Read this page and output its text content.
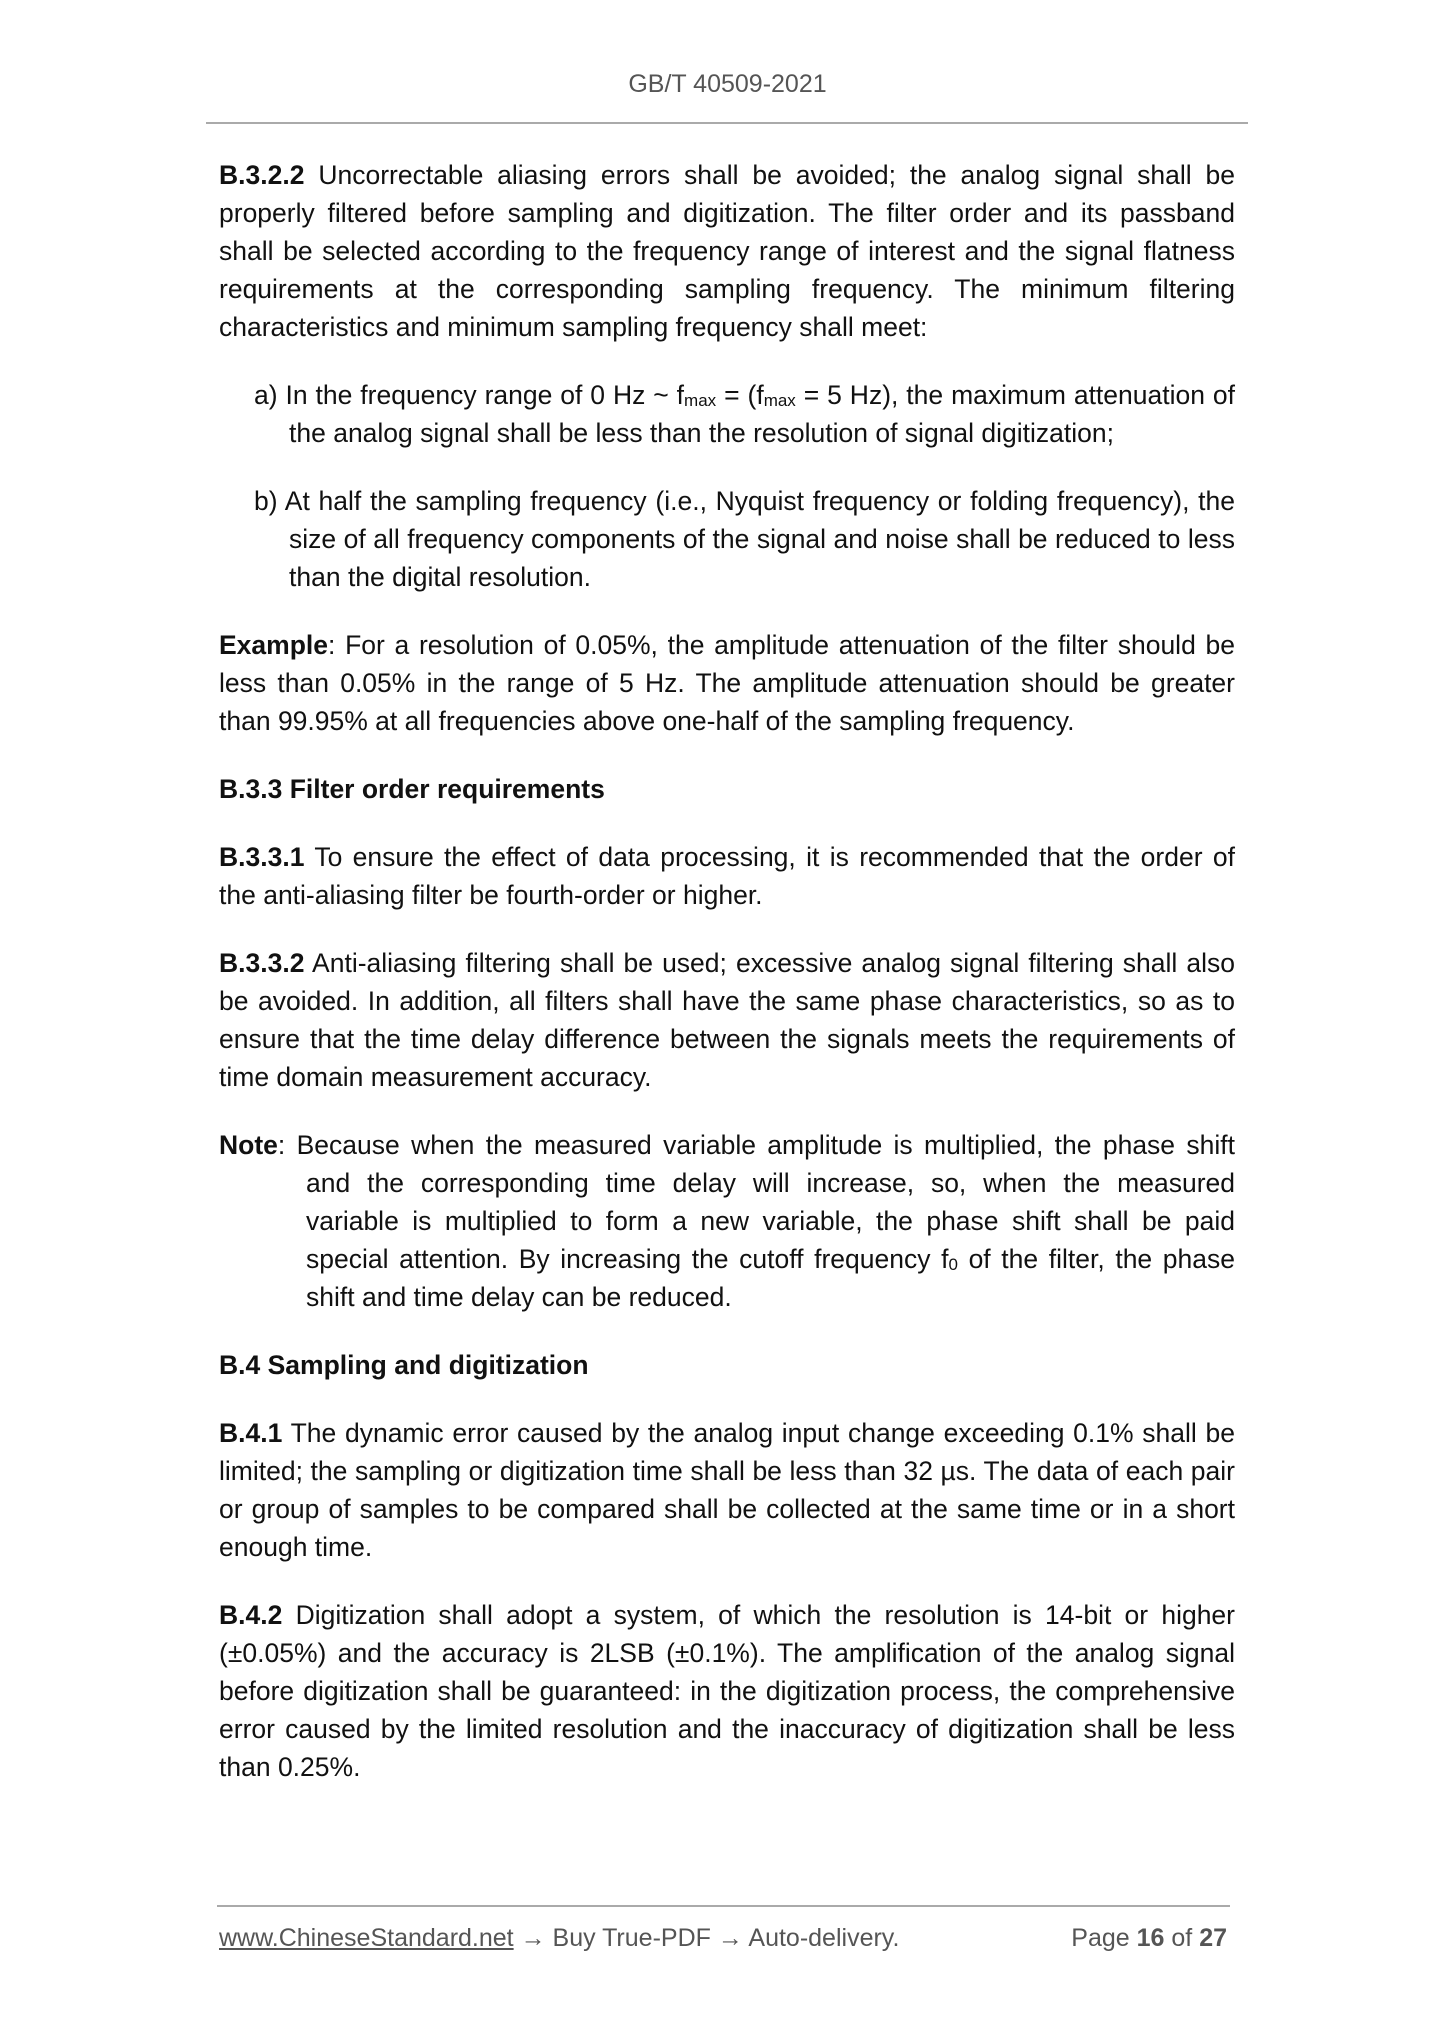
GB/T 40509-2021

B.3.2.2 Uncorrectable aliasing errors shall be avoided; the analog signal shall be properly filtered before sampling and digitization. The filter order and its passband shall be selected according to the frequency range of interest and the signal flatness requirements at the corresponding sampling frequency. The minimum filtering characteristics and minimum sampling frequency shall meet:

a) In the frequency range of 0 Hz ~ $f_{max} = (f_{max} = 5$ Hz), the maximum attenuation of the analog signal shall be less than the resolution of signal digitization;

b) At half the sampling frequency (i.e., Nyquist frequency or folding frequency), the size of all frequency components of the signal and noise shall be reduced to less than the digital resolution.

Example: For a resolution of 0.05%, the amplitude attenuation of the filter should be less than 0.05% in the range of 5 Hz. The amplitude attenuation should be greater than 99.95% at all frequencies above one-half of the sampling frequency.

B.3.3 Filter order requirements

B.3.3.1 To ensure the effect of data processing, it is recommended that the order of the anti-aliasing filter be fourth-order or higher.

B.3.3.2 Anti-aliasing filtering shall be used; excessive analog signal filtering shall also be avoided. In addition, all filters shall have the same phase characteristics, so as to ensure that the time delay difference between the signals meets the requirements of time domain measurement accuracy.

Note: Because when the measured variable amplitude is multiplied, the phase shift and the corresponding time delay will increase, so, when the measured variable is multiplied to form a new variable, the phase shift shall be paid special attention. By increasing the cutoff frequency $f_0$ of the filter, the phase shift and time delay can be reduced.

B.4 Sampling and digitization

B.4.1 The dynamic error caused by the analog input change exceeding 0.1% shall be limited; the sampling or digitization time shall be less than 32 µs. The data of each pair or group of samples to be compared shall be collected at the same time or in a short enough time.

B.4.2 Digitization shall adopt a system, of which the resolution is 14-bit or higher (±0.05%) and the accuracy is 2LSB (±0.1%). The amplification of the analog signal before digitization shall be guaranteed: in the digitization process, the comprehensive error caused by the limited resolution and the inaccuracy of digitization shall be less than 0.25%.

www.ChineseStandard.net → Buy True-PDF → Auto-delivery.	Page 16 of 27
